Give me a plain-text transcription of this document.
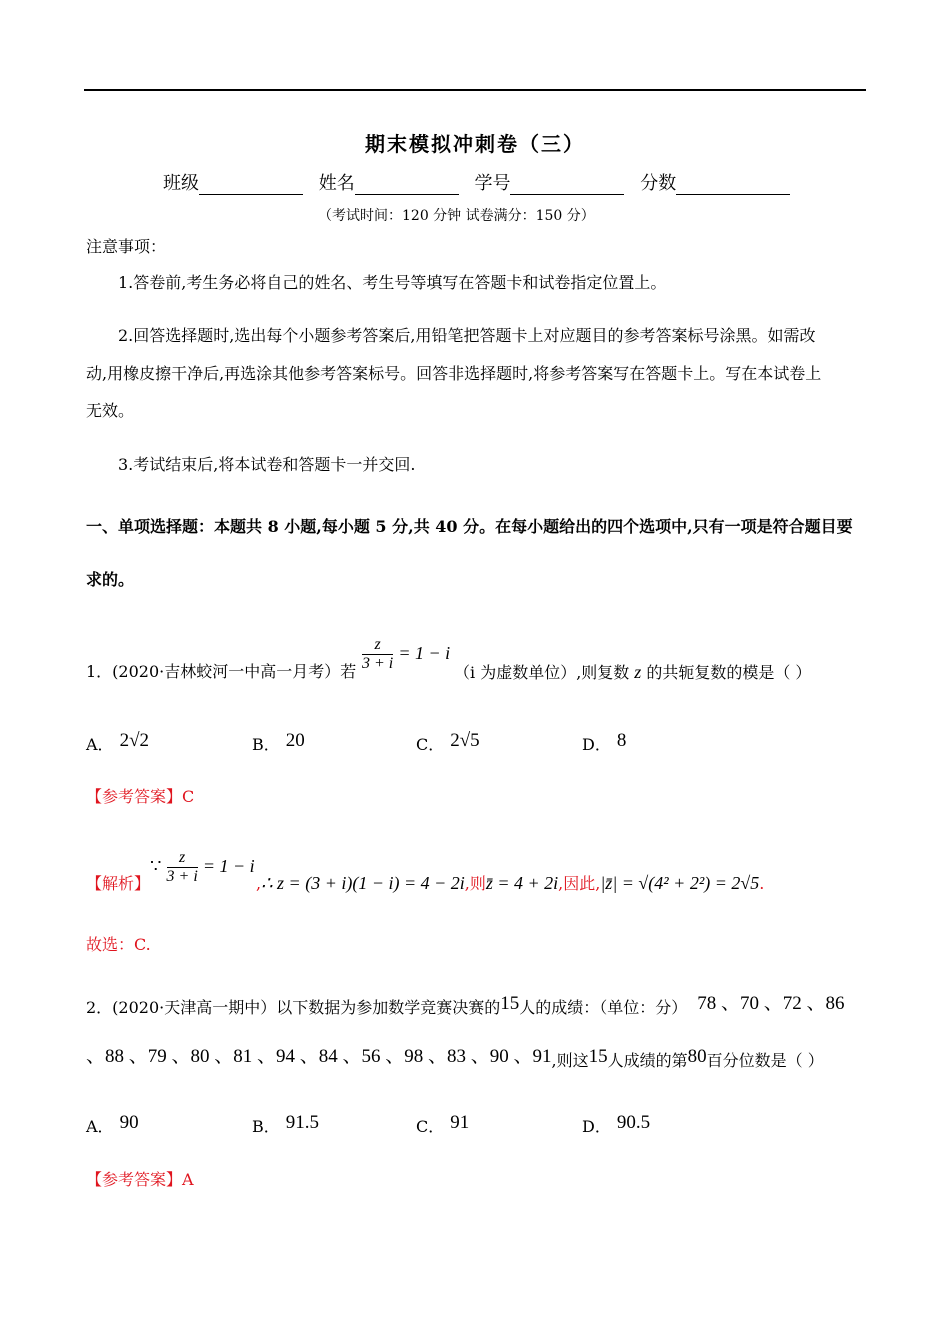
期末模拟冲刺卷（三）
班级	姓名	学号	分数
（考试时间：120 分钟 试卷满分：150 分）
注意事项：
1.答卷前,考生务必将自己的姓名、考生号等填写在答题卡和试卷指定位置上。
2.回答选择题时,选出每个小题参考答案后,用铅笔把答题卡上对应题目的参考答案标号涂黑。如需改
动,用橡皮擦干净后,再选涂其他参考答案标号。回答非选择题时,将参考答案写在答题卡上。写在本试卷上
无效。
3.考试结束后,将本试卷和答题卡一并交回.
一、单项选择题：本题共 8 小题,每小题 5 分,共 40 分。在每小题给出的四个选项中,只有一项是符合题目要
求的。
1．(2020·吉林蛟河一中高一月考）若 $\frac{z}{3 + i} = 1 - i$
（i 为虚数单位）,则复数 z 的共轭复数的模是（ ）
A． 2√2	B． 20	C． 2√5	D． 8
【参考答案】C
【解析】
∵ $\frac{z}{3 + i} = 1 - i$
,∴ z = (3 + i)(1 − i) = 4 − 2i,则z̄ = 4 + 2i,因此,|z̄| = √(4² + 2²) = 2√5.
故选：C.
2．(2020·天津高一期中）以下数据为参加数学竞赛决赛的15人的成绩：（单位：分） 78 、70 、72 、86
、88 、79 、80 、81 、94 、84 、56 、98 、83 、90 、91,则这15人成绩的第80百分位数是（ ）
A． 90	B． 91.5	C． 91	D． 90.5
【参考答案】A
